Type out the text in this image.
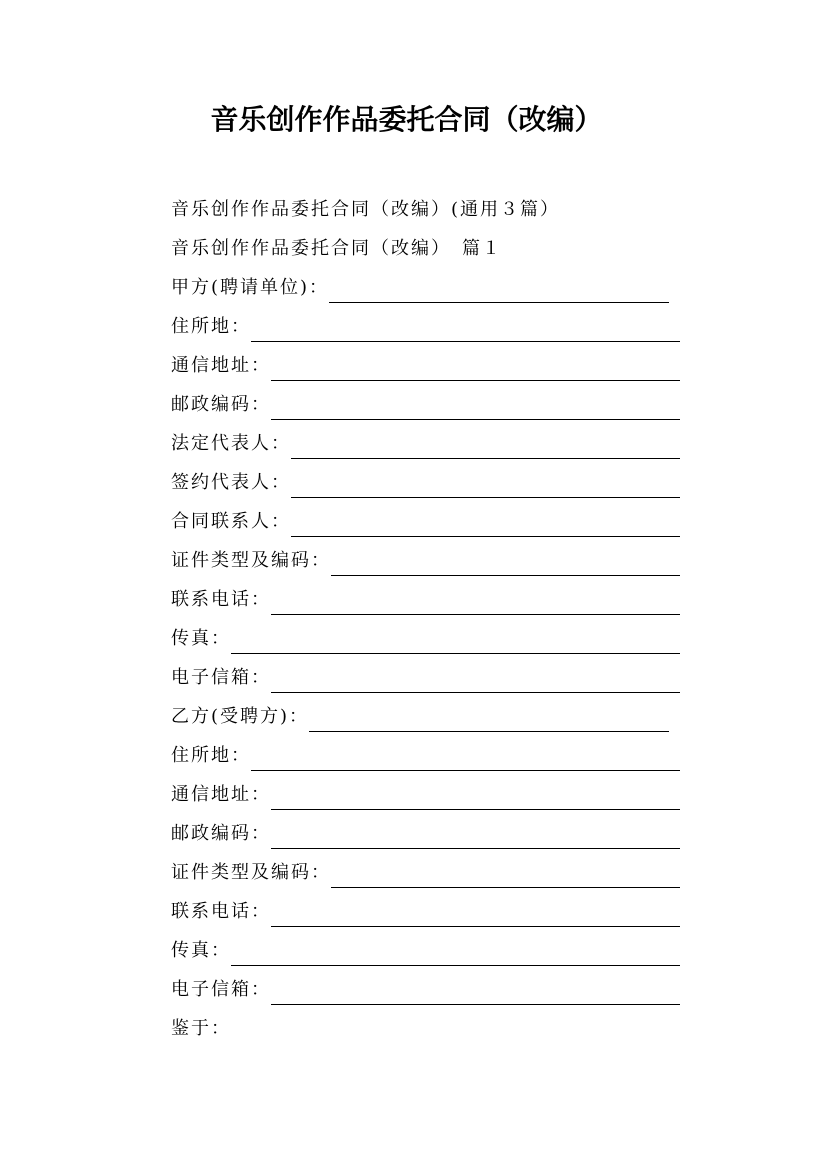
音乐创作作品委托合同（改编）
音乐创作作品委托合同（改编）(通用３篇）
音乐创作作品委托合同（改编）　篇１
甲方(聘请单位)：
住所地：
通信地址：
邮政编码：
法定代表人：
签约代表人：
合同联系人：
证件类型及编码：
联系电话：
传真：
电子信箱：
乙方(受聘方)：
住所地：
通信地址：
邮政编码：
证件类型及编码：
联系电话：
传真：
电子信箱：
鉴于：
